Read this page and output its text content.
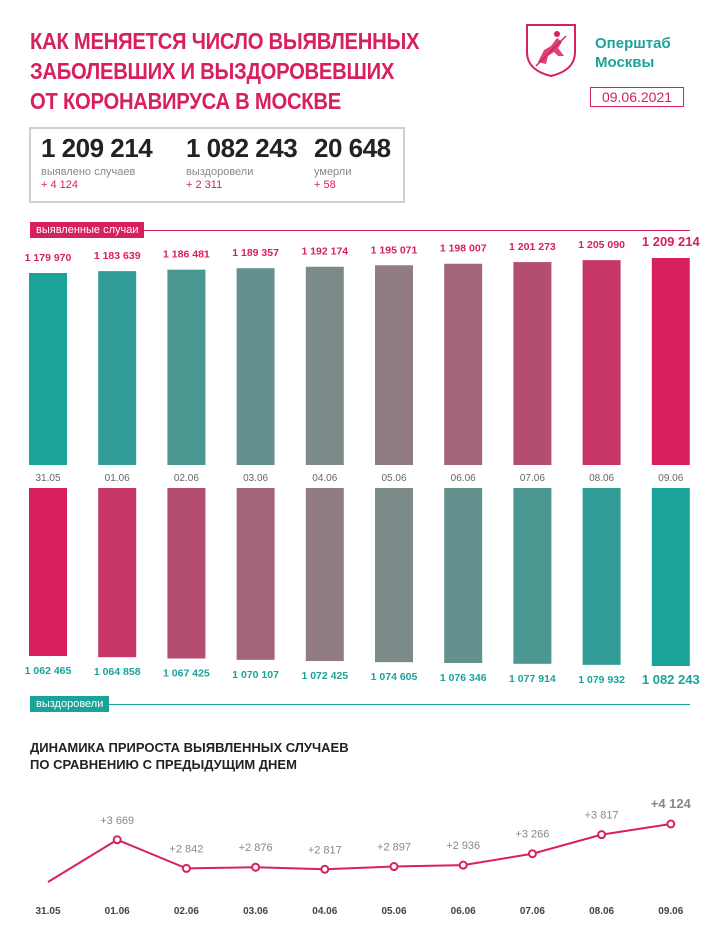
КАК МЕНЯЕТСЯ ЧИСЛО ВЫЯВЛЕННЫХ
ЗАБОЛЕВШИХ И ВЫЗДОРОВЕВШИХ
ОТ КОРОНАВИРУСА В МОСКВЕ
Оперштаб
Москвы
09.06.2021
1 209 214
выявлено случаев
+ 4 124
1 082 243
выздоровели
+ 2 311
20 648
умерли
+ 58
выявленные случаи
выздоровели
1 179 970
31.05
1 062 465
1 183 639
01.06
1 064 858
1 186 481
02.06
1 067 425
1 189 357
03.06
1 070 107
1 192 174
04.06
1 072 425
1 195 071
05.06
1 074 605
1 198 007
06.06
1 076 346
1 201 273
07.06
1 077 914
1 205 090
08.06
1 079 932
1 209 214
09.06
1 082 243
ДИНАМИКА ПРИРОСТА ВЫЯВЛЕННЫХ СЛУЧАЕВ
ПО СРАВНЕНИЮ С ПРЕДЫДУЩИМ ДНЕМ
31.05
+3 669
01.06
+2 842
02.06
+2 876
03.06
+2 817
04.06
+2 897
05.06
+2 936
06.06
+3 266
07.06
+3 817
08.06
+4 124
09.06
